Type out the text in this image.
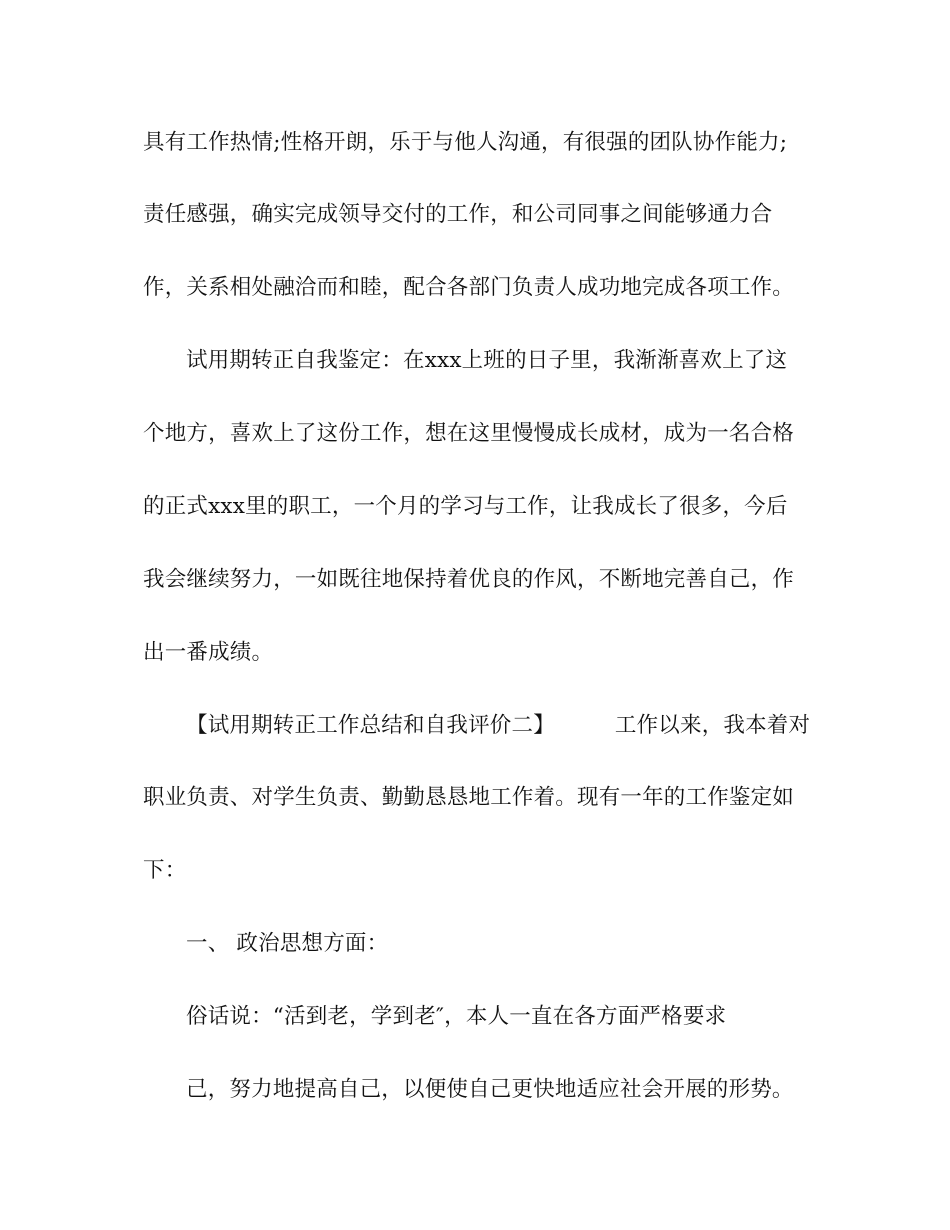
具有工作热情;性格开朗，乐于与他人沟通，有很强的团队协作能力;
责任感强，确实完成领导交付的工作，和公司同事之间能够通力合
作，关系相处融洽而和睦，配合各部门负责人成功地完成各项工作。
试用期转正自我鉴定：在xxx上班的日子里，我渐渐喜欢上了这
个地方，喜欢上了这份工作，想在这里慢慢成长成材，成为一名合格
的正式xxx里的职工，一个月的学习与工作，让我成长了很多，今后
我会继续努力，一如既往地保持着优良的作风，不断地完善自己，作
出一番成绩。
【试用期转正工作总结和自我评价二】	工作以来，我本着对
职业负责、对学生负责、勤勤恳恳地工作着。现有一年的工作鉴定如
下：
一、 政治思想方面：
俗话说：“活到老，学到老″，本人一直在各方面严格要求
己，努力地提高自己，以便使自己更快地适应社会开展的形势。
